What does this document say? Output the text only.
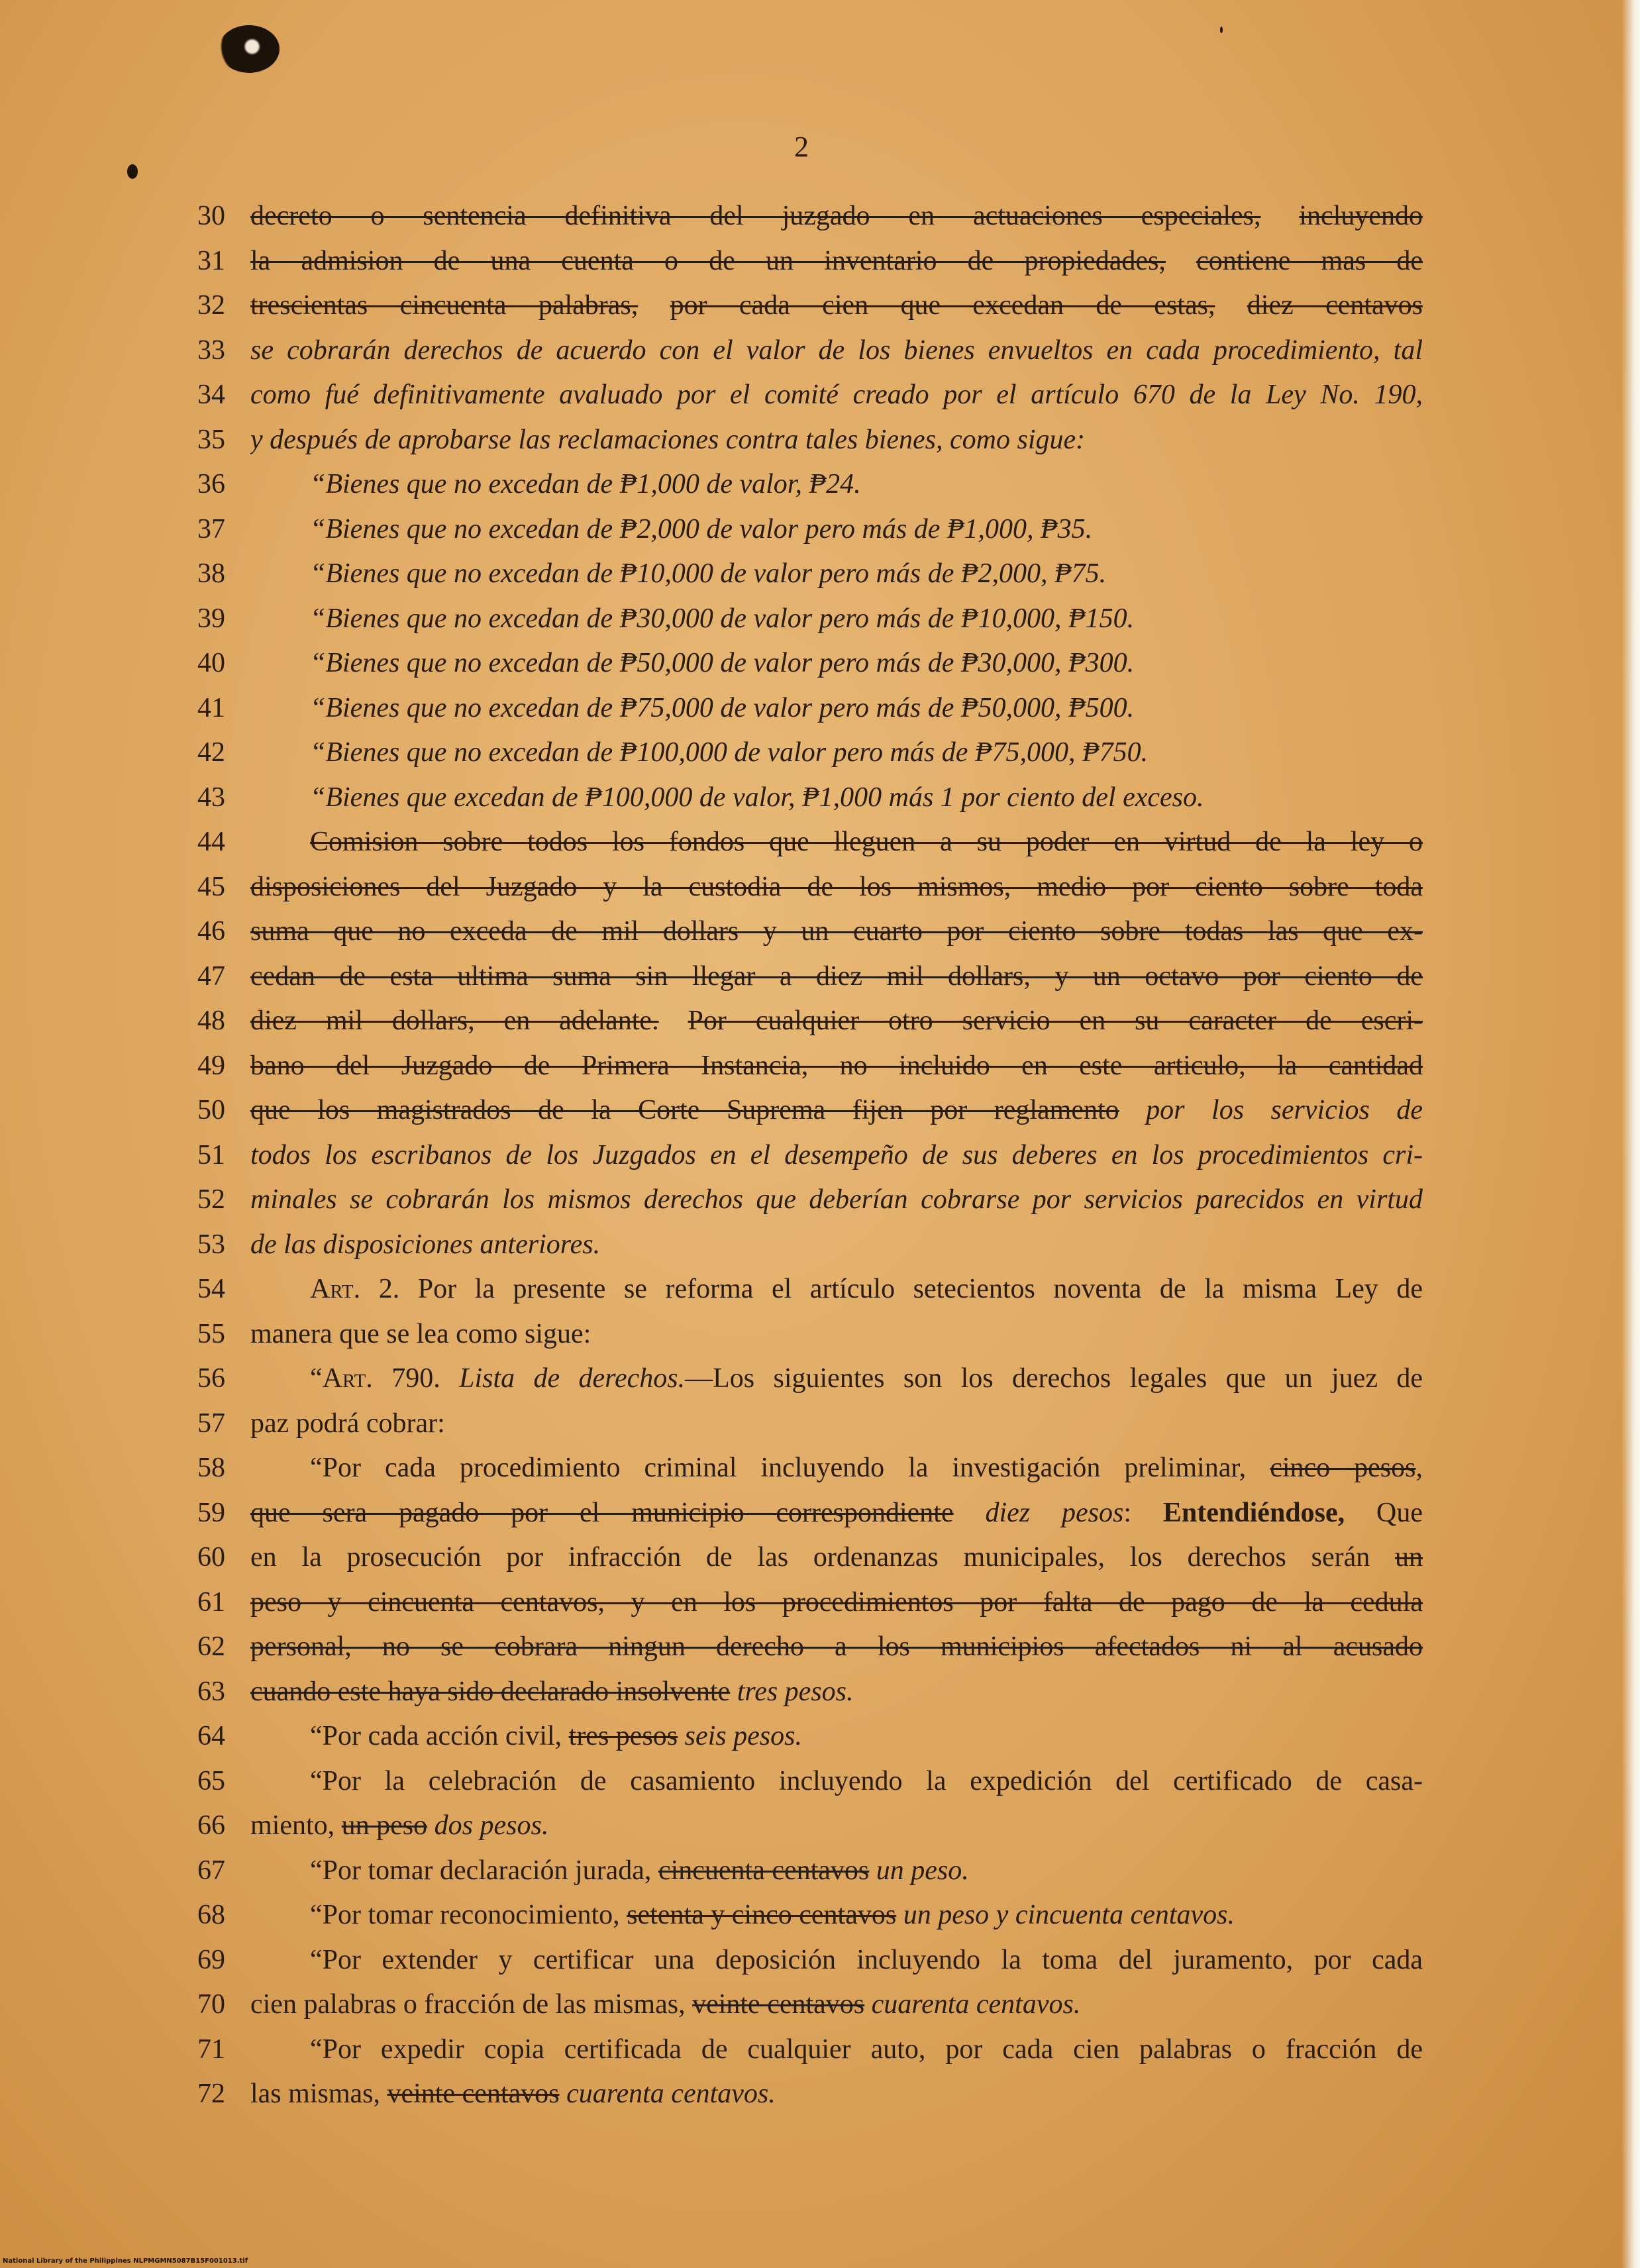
2
30 decreto o sentencia definitiva del juzgado en actuaciones especiales, incluyendo
31 la admision de una cuenta o de un inventario de propiedades, contiene mas de
32 trescientas cincuenta palabras, por cada cien que excedan de estas, diez centavos
33 se cobrarán derechos de acuerdo con el valor de los bienes envueltos en cada procedimiento, tal
34 como fué definitivamente avaluado por el comité creado por el artículo 670 de la Ley No. 190,
35 y después de aprobarse las reclamaciones contra tales bienes, como sigue:
36	“Bienes que no excedan de ₱1,000 de valor, ₱24.
37	“Bienes que no excedan de ₱2,000 de valor pero más de ₱1,000, ₱35.
38	“Bienes que no excedan de ₱10,000 de valor pero más de ₱2,000, ₱75.
39	“Bienes que no excedan de ₱30,000 de valor pero más de ₱10,000, ₱150.
40	“Bienes que no excedan de ₱50,000 de valor pero más de ₱30,000, ₱300.
41	“Bienes que no excedan de ₱75,000 de valor pero más de ₱50,000, ₱500.
42	“Bienes que no excedan de ₱100,000 de valor pero más de ₱75,000, ₱750.
43	“Bienes que excedan de ₱100,000 de valor, ₱1,000 más 1 por ciento del exceso.
44	Comision sobre todos los fondos que lleguen a su poder en virtud de la ley o
45 disposiciones del Juzgado y la custodia de los mismos, medio por ciento sobre toda
46 suma que no exceda de mil dollars y un cuarto por ciento sobre todas las que ex-
47 cedan de esta ultima suma sin llegar a diez mil dollars, y un octavo por ciento de
48 diez mil dollars, en adelante. Por cualquier otro servicio en su caracter de escri-
49 bano del Juzgado de Primera Instancia, no incluido en este articulo, la cantidad
50 que los magistrados de la Corte Suprema fijen por reglamento por los servicios de
51 todos los escribanos de los Juzgados en el desempeño de sus deberes en los procedimientos cri-
52 minales se cobrarán los mismos derechos que deberían cobrarse por servicios parecidos en virtud
53 de las disposiciones anteriores.
54	Art. 2. Por la presente se reforma el artículo setecientos noventa de la misma Ley de
55 manera que se lea como sigue:
56	“Art. 790. Lista de derechos.—Los siguientes son los derechos legales que un juez de
57 paz podrá cobrar:
58	“Por cada procedimiento criminal incluyendo la investigación preliminar, cinco pesos,
59 que sera pagado por el municipio correspondiente diez pesos: Entendiéndose, Que
60 en la prosecución por infracción de las ordenanzas municipales, los derechos serán un
61 peso y cincuenta centavos, y en los procedimientos por falta de pago de la cedula
62 personal, no se cobrara ningun derecho a los municipios afectados ni al acusado
63 cuando este haya sido declarado insolvente tres pesos.
64	“Por cada acción civil, tres pesos seis pesos.
65	“Por la celebración de casamiento incluyendo la expedición del certificado de casa-
66 miento, un peso dos pesos.
67	“Por tomar declaración jurada, cincuenta centavos un peso.
68	“Por tomar reconocimiento, setenta y cinco centavos un peso y cincuenta centavos.
69	“Por extender y certificar una deposición incluyendo la toma del juramento, por cada
70 cien palabras o fracción de las mismas, veinte centavos cuarenta centavos.
71	“Por expedir copia certificada de cualquier auto, por cada cien palabras o fracción de
72 las mismas, veinte centavos cuarenta centavos.
National Library of the Philippines NLPMGMN5087B15F001013.tif
